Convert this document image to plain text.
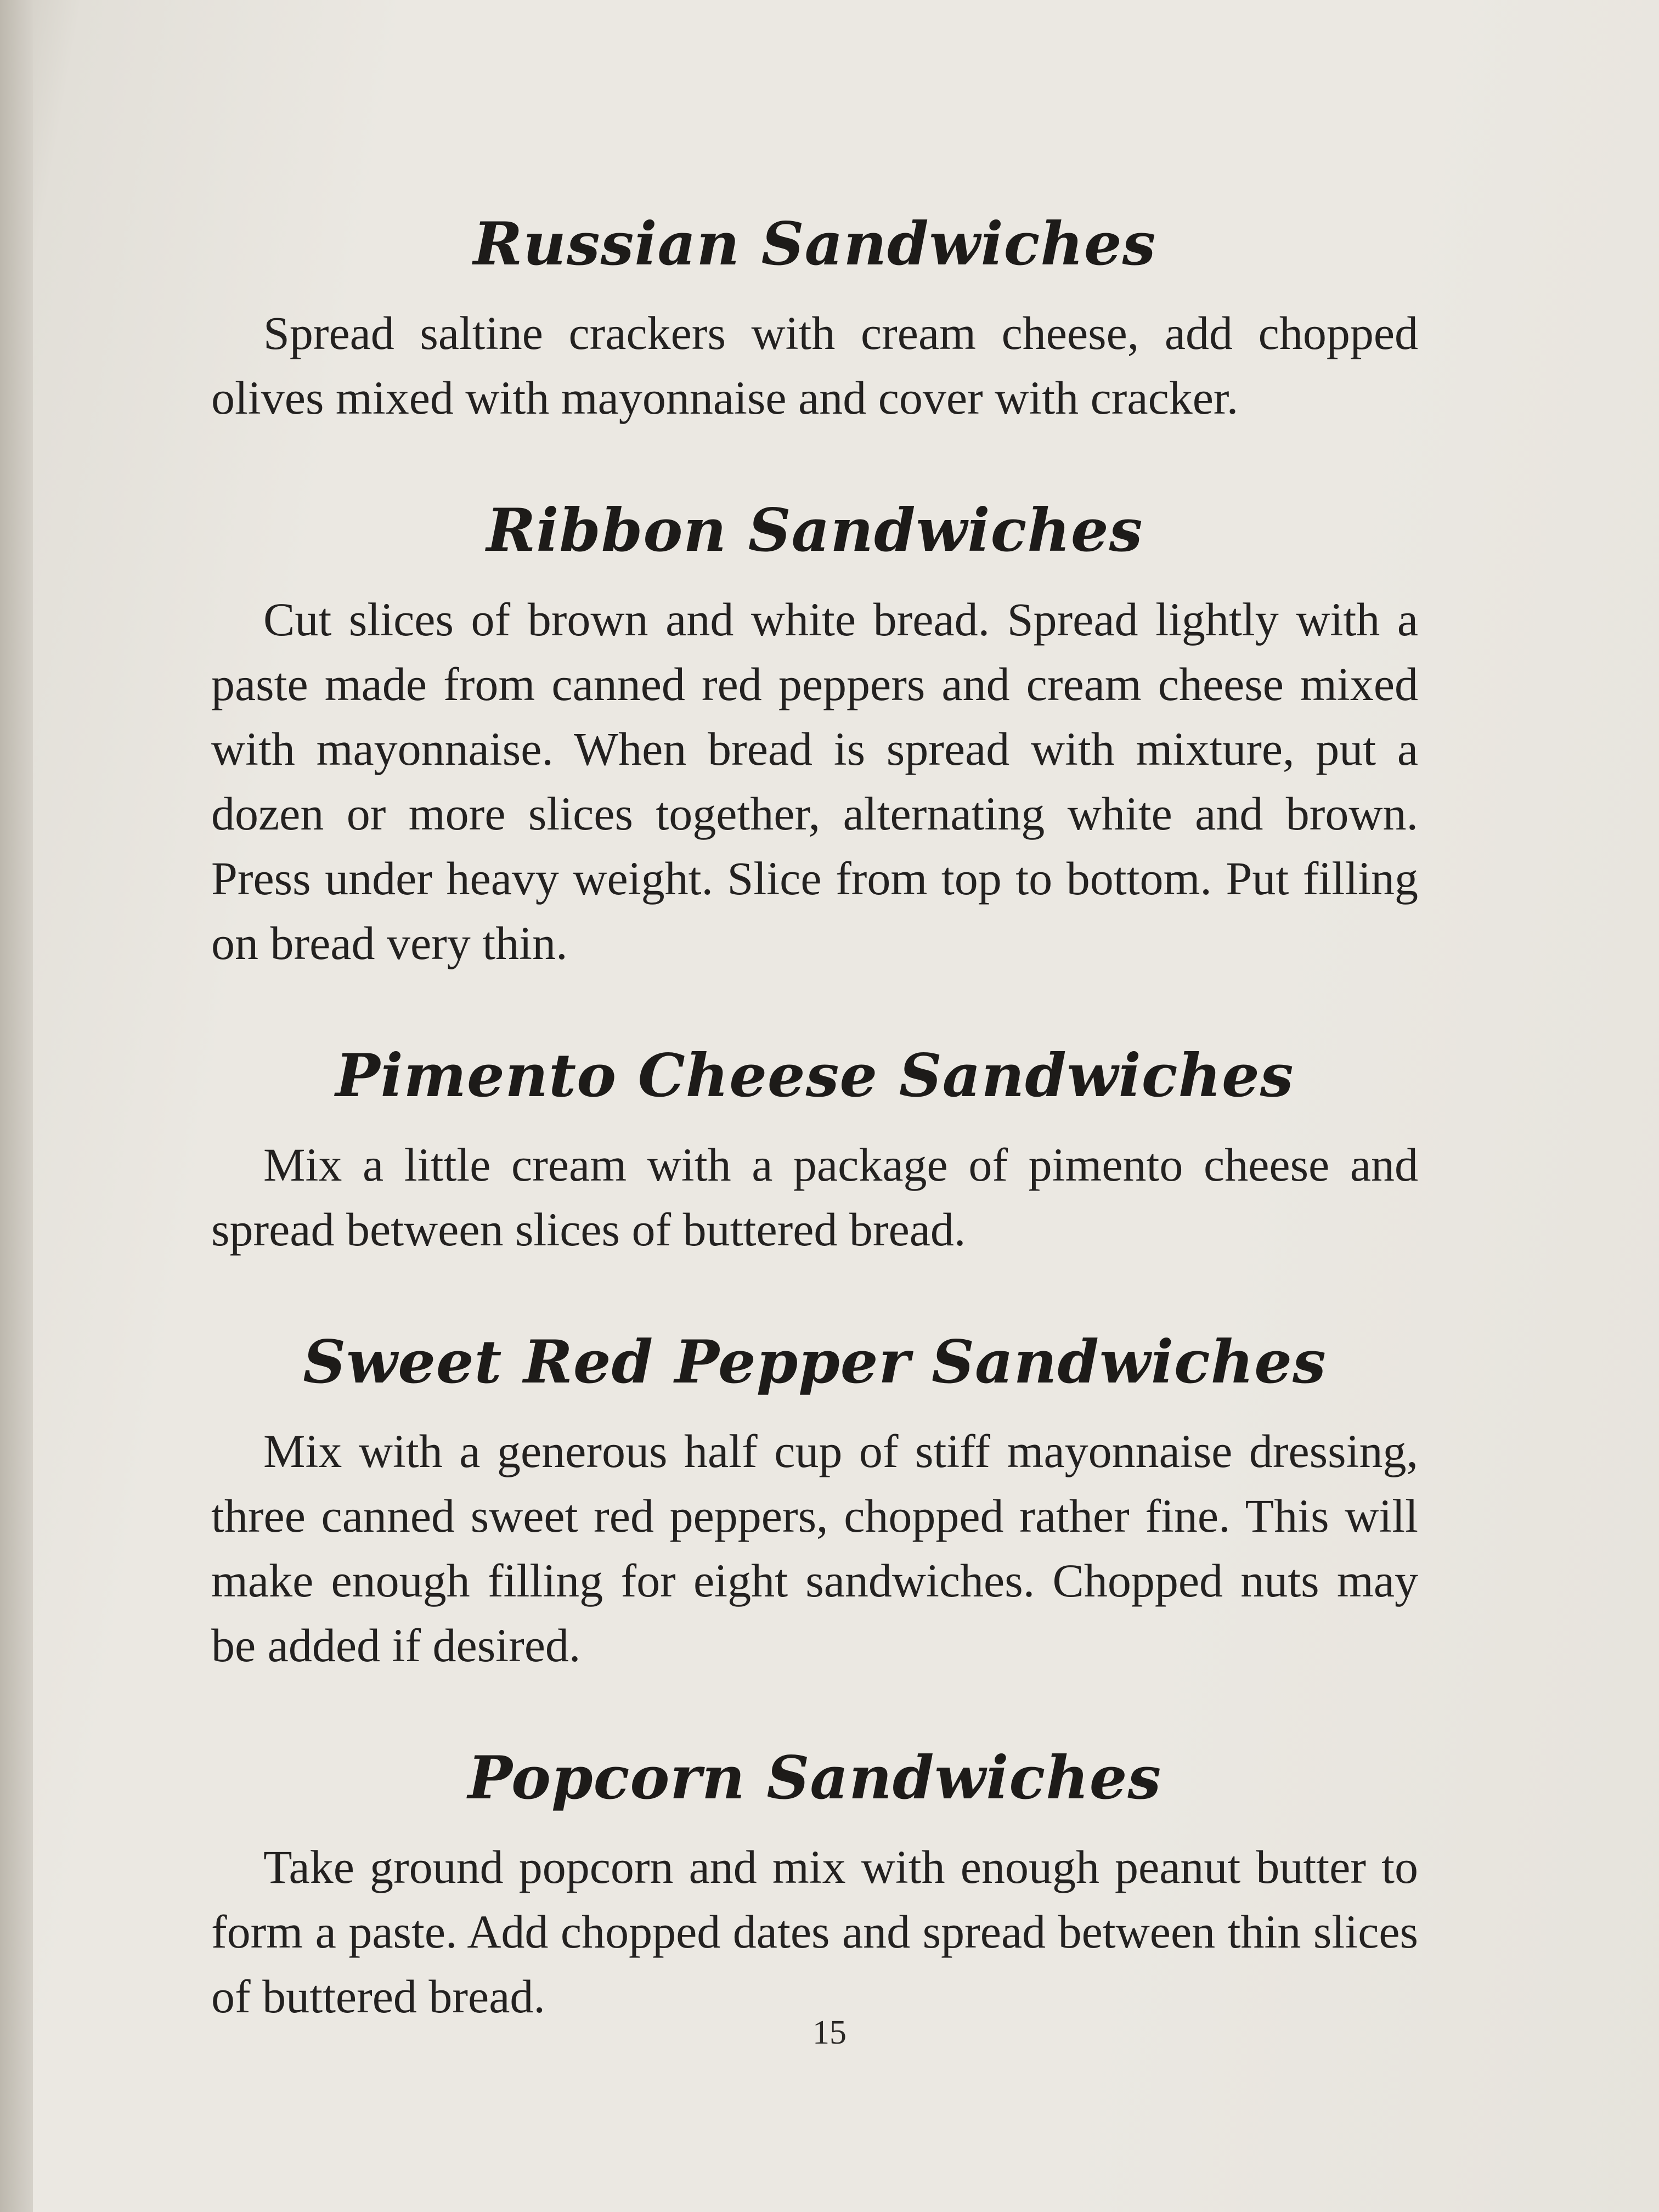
Russian Sandwiches

Spread saltine crackers with cream cheese, add chopped olives mixed with mayonnaise and cover with cracker.

Ribbon Sandwiches

Cut slices of brown and white bread. Spread lightly with a paste made from canned red peppers and cream cheese mixed with mayonnaise. When bread is spread with mixture, put a dozen or more slices together, alternating white and brown. Press under heavy weight. Slice from top to bottom. Put filling on bread very thin.

Pimento Cheese Sandwiches

Mix a little cream with a package of pimento cheese and spread between slices of buttered bread.

Sweet Red Pepper Sandwiches

Mix with a generous half cup of stiff mayonnaise dressing, three canned sweet red peppers, chopped rather fine. This will make enough filling for eight sandwiches. Chopped nuts may be added if desired.

Popcorn Sandwiches

Take ground popcorn and mix with enough peanut butter to form a paste. Add chopped dates and spread between thin slices of buttered bread.

15
